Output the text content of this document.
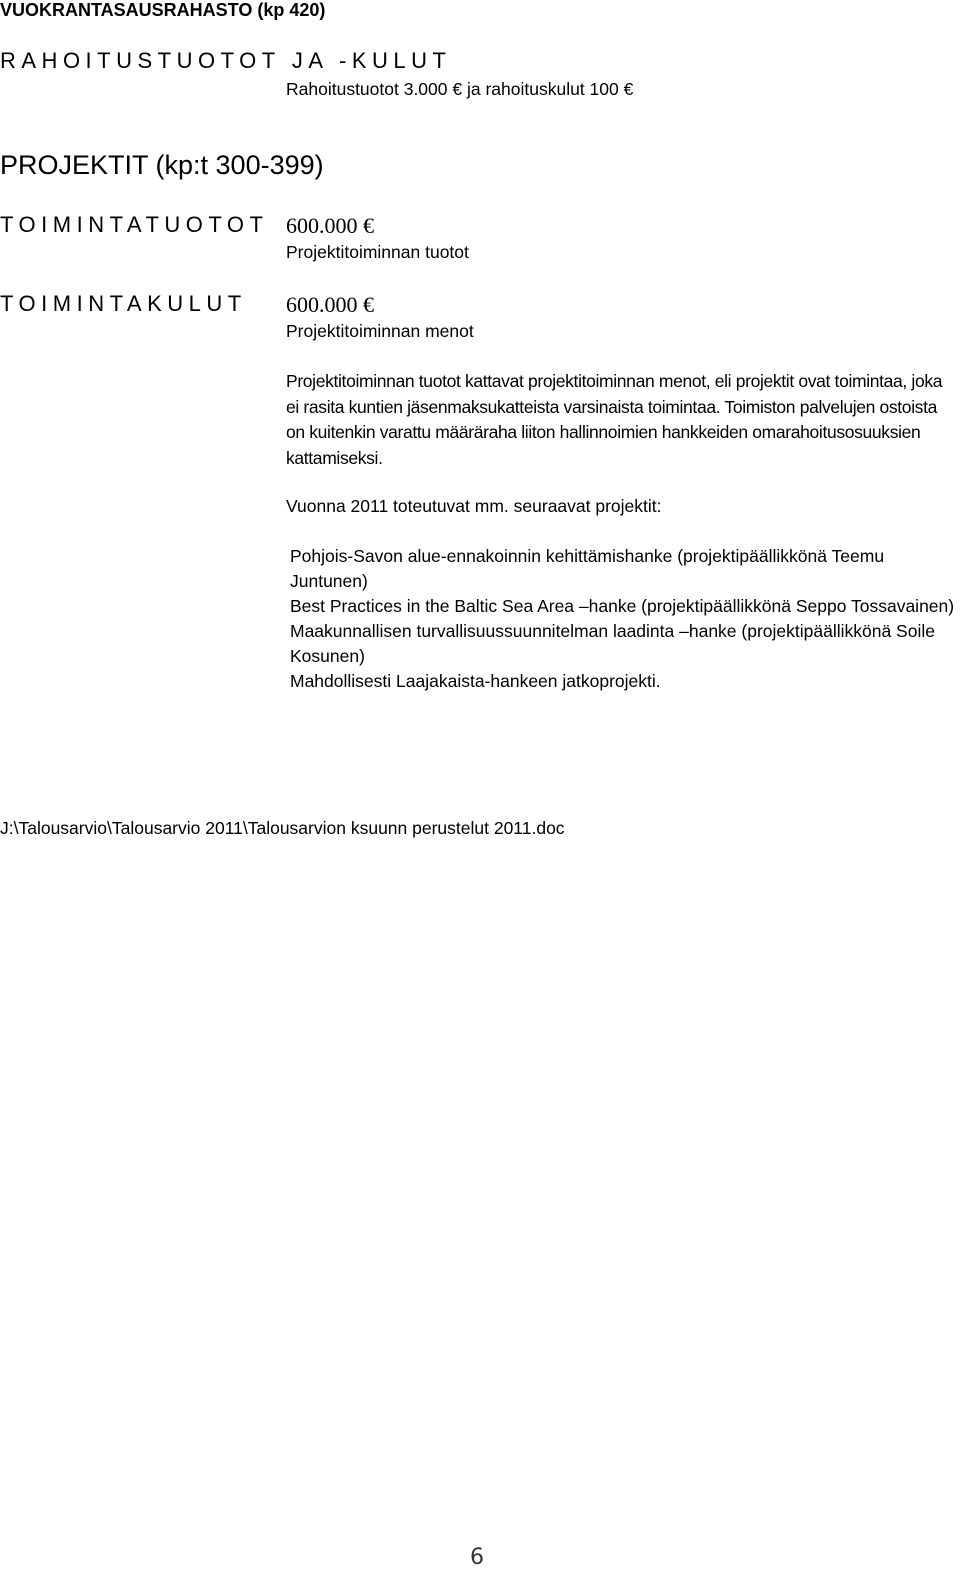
VUOKRANTASAUSRAHASTO (kp 420)
RAHOITUSTUOTOT JA -KULUT
Rahoitustuotot 3.000 € ja rahoituskulut 100 €
PROJEKTIT (kp:t 300-399)
TOIMINTATUOTOT 600.000 €
Projektitoiminnan tuotot
TOIMINTAKULUT 600.000 €
Projektitoiminnan menot
Projektitoiminnan tuotot kattavat projektitoiminnan menot, eli projektit ovat toimintaa, joka ei rasita kuntien jäsenmaksukatteista varsinaista toimintaa. Toimiston palvelujen ostoista on kuitenkin varattu määräraha liiton hallinnoimien hankkeiden omarahoitusosuuksien kattamiseksi.
Vuonna 2011 toteutuvat mm. seuraavat projektit:
Pohjois-Savon alue-ennakoinnin kehittämishanke (projektipäällikkönä Teemu Juntunen)
Best Practices in the Baltic Sea Area –hanke (projektipäällikkönä Seppo Tossavainen)
Maakunnallisen turvallisuussuunnitelman laadinta –hanke (projektipäällikkönä Soile Kosunen)
Mahdollisesti Laajakaista-hankeen jatkoprojekti.
J:\Talousarvio\Talousarvio 2011\Talousarvion ksuunn perustelut 2011.doc
6
